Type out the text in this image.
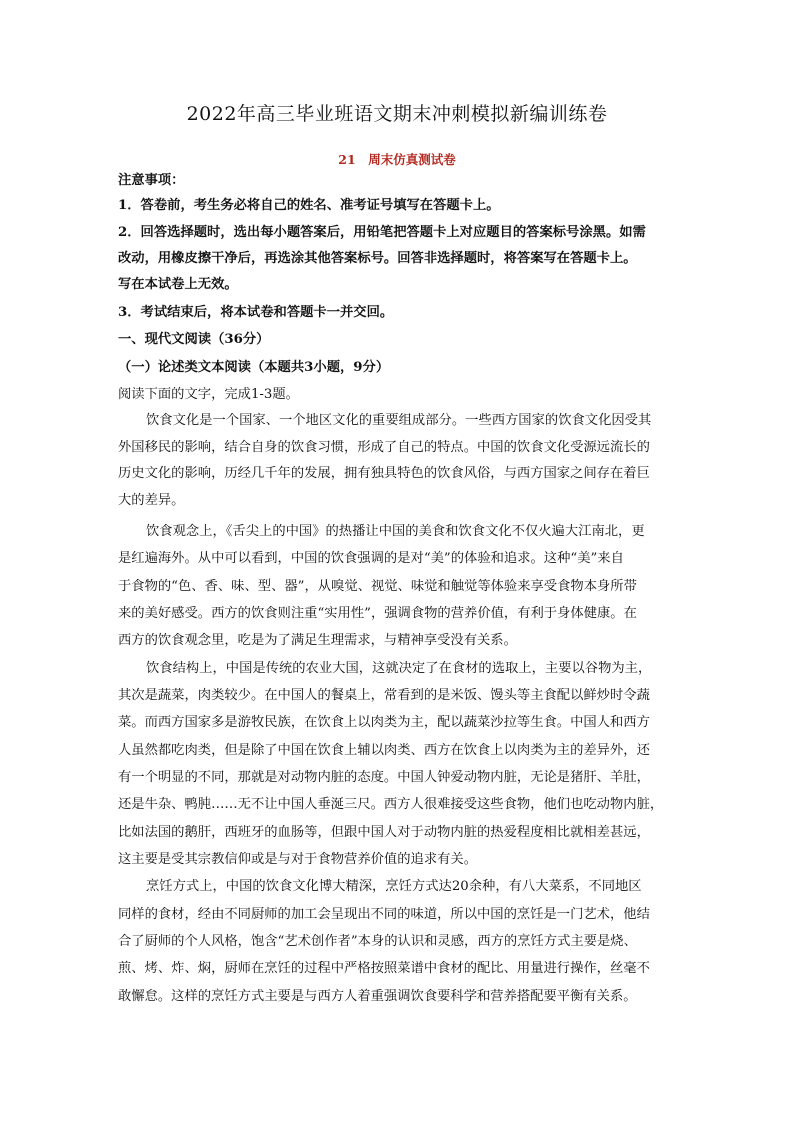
2022年高三毕业班语文期末冲刺模拟新编训练卷
21　周末仿真测试卷
注意事项：
1．答卷前，考生务必将自己的姓名、准考证号填写在答题卡上。
2．回答选择题时，选出每小题答案后，用铅笔把答题卡上对应题目的答案标号涂黑。如需
改动，用橡皮擦干净后，再选涂其他答案标号。回答非选择题时，将答案写在答题卡上。
写在本试卷上无效。
3．考试结束后，将本试卷和答题卡一并交回。
一、现代文阅读（36分）
（一）论述类文本阅读（本题共3小题，9分）
阅读下面的文字，完成1-3题。
饮食文化是一个国家、一个地区文化的重要组成部分。一些西方国家的饮食文化因受其
外国移民的影响，结合自身的饮食习惯，形成了自己的特点。中国的饮食文化受源远流长的
历史文化的影响，历经几千年的发展，拥有独具特色的饮食风俗，与西方国家之间存在着巨
大的差异。
饮食观念上，《舌尖上的中国》的热播让中国的美食和饮食文化不仅火遍大江南北，更
是红遍海外。从中可以看到，中国的饮食强调的是对“美”的体验和追求。这种“美”来自
于食物的“色、香、味、型、器”，从嗅觉、视觉、味觉和触觉等体验来享受食物本身所带
来的美好感受。西方的饮食则注重“实用性”，强调食物的营养价值，有利于身体健康。在
西方的饮食观念里，吃是为了满足生理需求，与精神享受没有关系。
饮食结构上，中国是传统的农业大国，这就决定了在食材的选取上，主要以谷物为主，
其次是蔬菜，肉类较少。在中国人的餐桌上，常看到的是米饭、馒头等主食配以鲜炒时令蔬
菜。而西方国家多是游牧民族，在饮食上以肉类为主，配以蔬菜沙拉等生食。中国人和西方
人虽然都吃肉类，但是除了中国在饮食上辅以肉类、西方在饮食上以肉类为主的差异外，还
有一个明显的不同，那就是对动物内脏的态度。中国人钟爱动物内脏，无论是猪肝、羊肚，
还是牛杂、鸭肫……无不让中国人垂涎三尺。西方人很难接受这些食物，他们也吃动物内脏，
比如法国的鹅肝，西班牙的血肠等，但跟中国人对于动物内脏的热爱程度相比就相差甚远，
这主要是受其宗教信仰或是与对于食物营养价值的追求有关。
烹饪方式上，中国的饮食文化博大精深，烹饪方式达20余种，有八大菜系，不同地区
同样的食材，经由不同厨师的加工会呈现出不同的味道，所以中国的烹饪是一门艺术，他结
合了厨师的个人风格，饱含“艺术创作者”本身的认识和灵感，西方的烹饪方式主要是烧、
煎、烤、炸、焖，厨师在烹饪的过程中严格按照菜谱中食材的配比、用量进行操作，丝毫不
敢懈怠。这样的烹饪方式主要是与西方人着重强调饮食要科学和营养搭配要平衡有关系。
